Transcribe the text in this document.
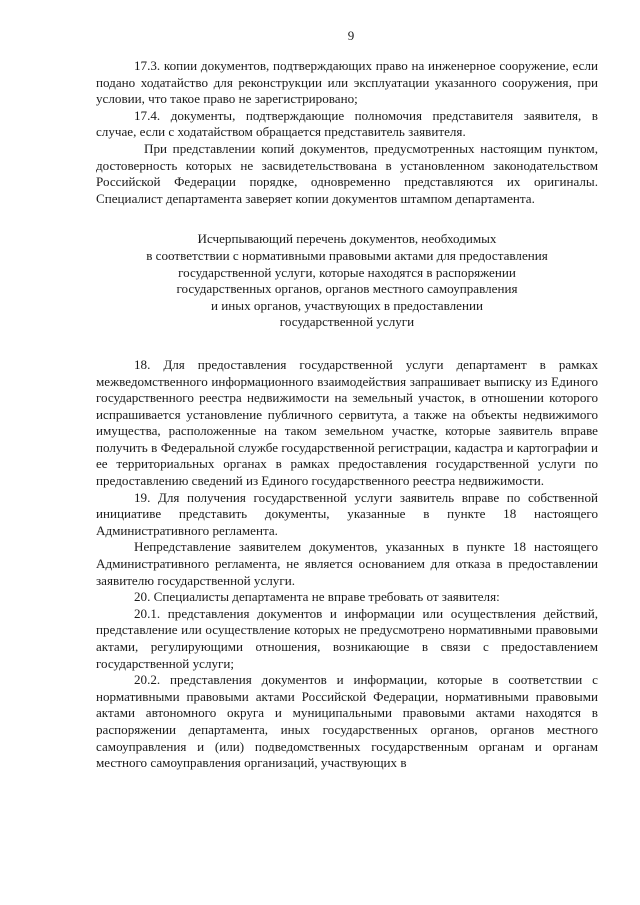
9

17.3. копии документов, подтверждающих право на инженерное сооружение, если подано ходатайство для реконструкции или эксплуатации указанного сооружения, при условии, что такое право не зарегистрировано;

17.4. документы, подтверждающие полномочия представителя заявителя, в случае, если с ходатайством обращается представитель заявителя.

При представлении копий документов, предусмотренных настоящим пунктом, достоверность которых не засвидетельствована в установленном законодательством Российской Федерации порядке, одновременно представляются их оригиналы. Специалист департамента заверяет копии документов штампом департамента.

Исчерпывающий перечень документов, необходимых
в соответствии с нормативными правовыми актами для предоставления
государственной услуги, которые находятся в распоряжении
государственных органов, органов местного самоуправления
и иных органов, участвующих в предоставлении
государственной услуги

18. Для предоставления государственной услуги департамент в рамках межведомственного информационного взаимодействия запрашивает выписку из Единого государственного реестра недвижимости на земельный участок, в отношении которого испрашивается установление публичного сервитута, а также на объекты недвижимого имущества, расположенные на таком земельном участке, которые заявитель вправе получить в Федеральной службе государственной регистрации, кадастра и картографии и ее территориальных органах в рамках предоставления государственной услуги по предоставлению сведений из Единого государственного реестра недвижимости.

19. Для получения государственной услуги заявитель вправе по собственной инициативе представить документы, указанные в пункте 18 настоящего Административного регламента.

Непредставление заявителем документов, указанных в пункте 18 настоящего Административного регламента, не является основанием для отказа в предоставлении заявителю государственной услуги.

20. Специалисты департамента не вправе требовать от заявителя:

20.1. представления документов и информации или осуществления действий, представление или осуществление которых не предусмотрено нормативными правовыми актами, регулирующими отношения, возникающие в связи с предоставлением государственной услуги;

20.2. представления документов и информации, которые в соответствии с нормативными правовыми актами Российской Федерации, нормативными правовыми актами автономного округа и муниципальными правовыми актами находятся в распоряжении департамента, иных государственных органов, органов местного самоуправления и (или) подведомственных государственным органам и органам местного самоуправления организаций, участвующих в
